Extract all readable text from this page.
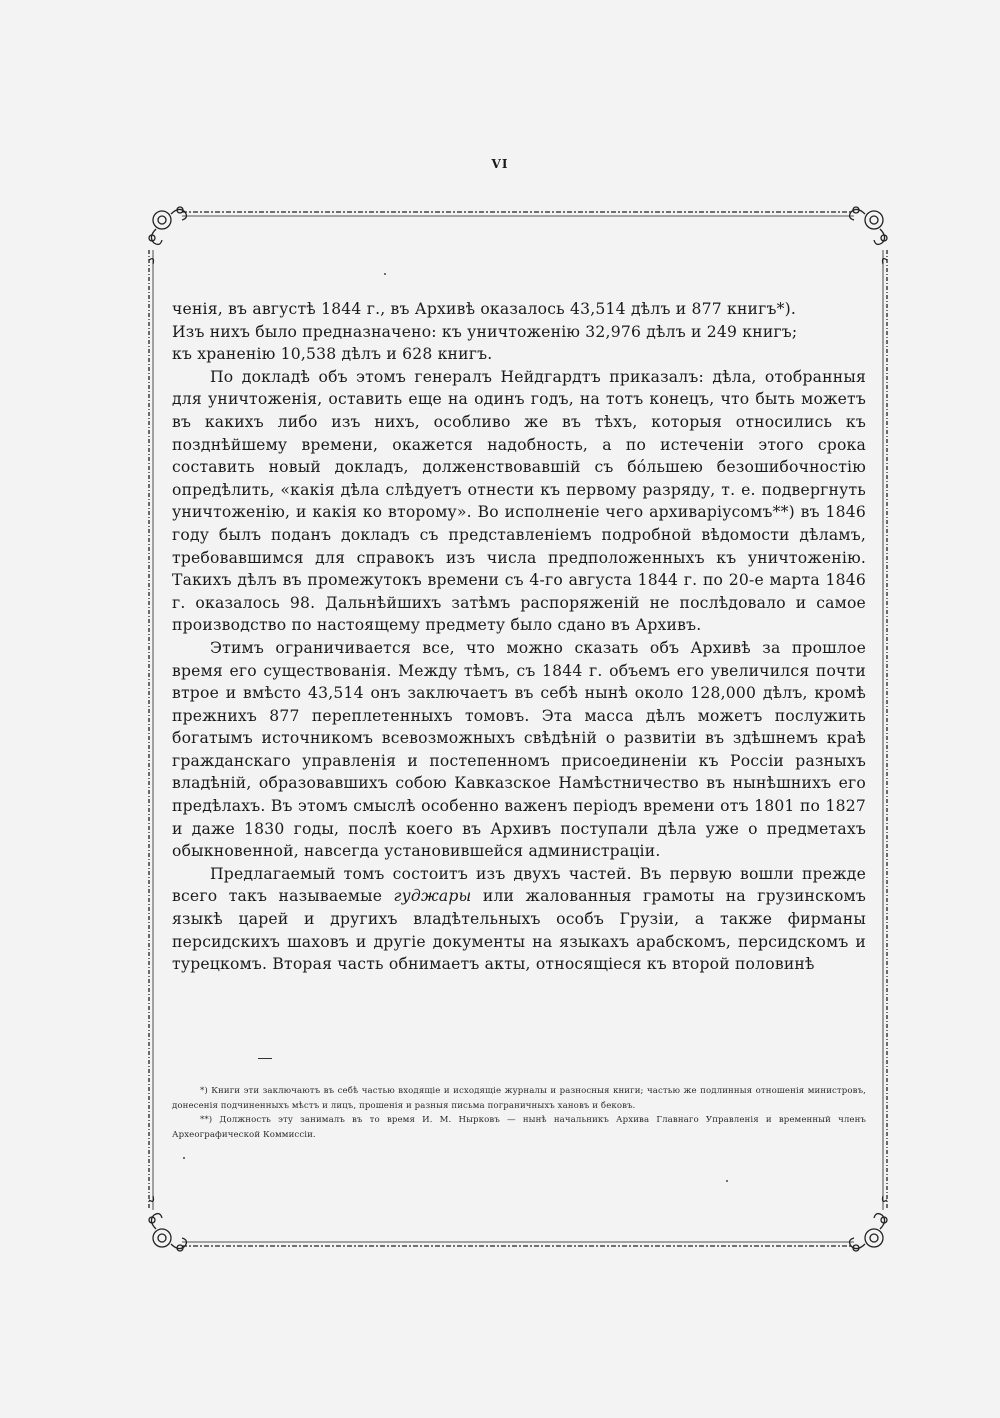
VI

ченія, въ августѣ 1844 г., въ Архивѣ оказалось 43,514 дѣлъ и 877 книгъ*).

Изъ нихъ было предназначено: къ уничтоженію 32,976 дѣлъ и 249 книгъ;

къ храненію 10,538 дѣлъ и 628 книгъ.

По докладѣ объ этомъ генералъ Нейдгардтъ приказалъ: дѣла, отобранныя для уничтоженія, оставить еще на одинъ годъ, на тотъ конецъ, что быть можетъ въ какихъ либо изъ нихъ, особливо же въ тѣхъ, которыя относились къ позднѣйшему времени, окажется надобность, а по истеченіи этого срока составить новый докладъ, долженствовавшій съ бо́льшею безошибочностію опредѣлить, «какія дѣла слѣдуетъ отнести къ первому разряду, т. е. подвергнуть уничтоженію, и какія ко второму». Во исполненіе чего архиваріусомъ**) въ 1846 году былъ поданъ докладъ съ представленіемъ подробной вѣдомости дѣламъ, требовавшимся для справокъ изъ числа предположенныхъ къ уничтоженію. Такихъ дѣлъ въ промежутокъ времени съ 4-го августа 1844 г. по 20-е марта 1846 г. оказалось 98. Дальнѣйшихъ затѣмъ распоряженій не послѣдовало и самое производство по настоящему предмету было сдано въ Архивъ.

Этимъ ограничивается все, что можно сказать объ Архивѣ за прошлое время его существованія. Между тѣмъ, съ 1844 г. объемъ его увеличился почти втрое и вмѣсто 43,514 онъ заключаетъ въ себѣ нынѣ около 128,000 дѣлъ, кромѣ прежнихъ 877 переплетенныхъ томовъ. Эта масса дѣлъ можетъ послужить богатымъ источникомъ всевозможныхъ свѣдѣній о развитіи въ здѣшнемъ краѣ гражданскаго управленія и постепенномъ присоединеніи къ Россіи разныхъ владѣній, образовавшихъ собою Кавказское Намѣстничество въ нынѣшнихъ его предѣлахъ. Въ этомъ смыслѣ особенно важенъ періодъ времени отъ 1801 по 1827 и даже 1830 годы, послѣ коего въ Архивъ поступали дѣла уже о предметахъ обыкновенной, навсегда установившейся администраціи.

Предлагаемый томъ состоитъ изъ двухъ частей. Въ первую вошли прежде всего такъ называемые гуджары или жалованныя грамоты на грузинскомъ языкѣ царей и другихъ владѣтельныхъ особъ Грузіи, а также фирманы персидскихъ шаховъ и другіе документы на языкахъ арабскомъ, персидскомъ и турецкомъ. Вторая часть обнимаетъ акты, относящіеся къ второй половинѣ

*) Книги эти заключаютъ въ себѣ частью входящіе и исходящіе журналы и разносныя книги; частью же подлинныя отношенія министровъ, донесенія подчиненныхъ мѣстъ и лицъ, прошенія и разныя письма пограничныхъ хановъ и бековъ.

**) Должность эту занималъ въ то время И. М. Нырковъ — нынѣ начальникъ Архива Главнаго Управленія и временный членъ Археографической Коммиссіи.
